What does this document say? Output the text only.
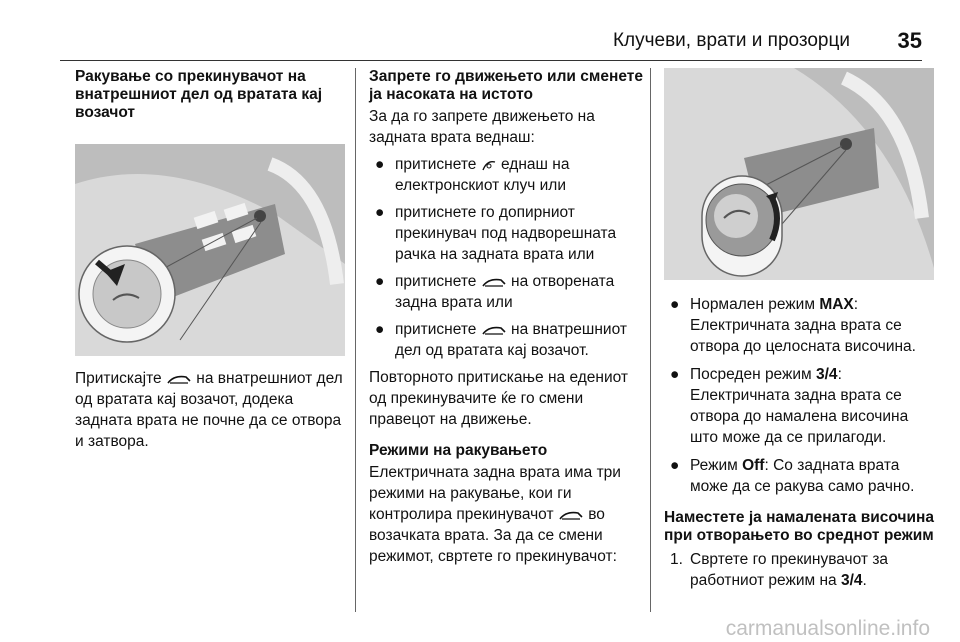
Клучеви, врати и прозорци 35
Ракување со прекинувачот на внатрешниот дел од вратата кај возачот

Притискајте на внатрешниот дел од вратата кај возачот, додека задната врата не почне да се отвора и затвора.

Запрете го движењето или сменете ја насоката на истото

За да го запрете движењето на задната врата веднаш:

● притиснете еднаш на електронскиот клуч или
● притиснете го допирниот прекинувач под надворешната рачка на задната врата или
● притиснете на отворената задна врата или
● притиснете на внатрешниот дел од вратата кај возачот.

Повторното притискање на едениот од прекинувачите ќе го смени правецот на движење.

Режими на ракувањето

Електричната задна врата има три режими на ракување, кои ги контролира прекинувачот во возачката врата. За да се смени режимот, свртете го прекинувачот:

● Нормален режим MAX: Електричната задна врата се отвора до целосната височина.
● Посреден режим 3/4: Електричната задна врата се отвора до намалена височина што може да се прилагоди.
● Режим Off: Со задната врата може да се ракува само рачно.
Наместете ја намалената височина при отворањето во среднот режим
1. Свртете го прекинувачот за работниот режим на 3/4.
carmanualsonline.info
